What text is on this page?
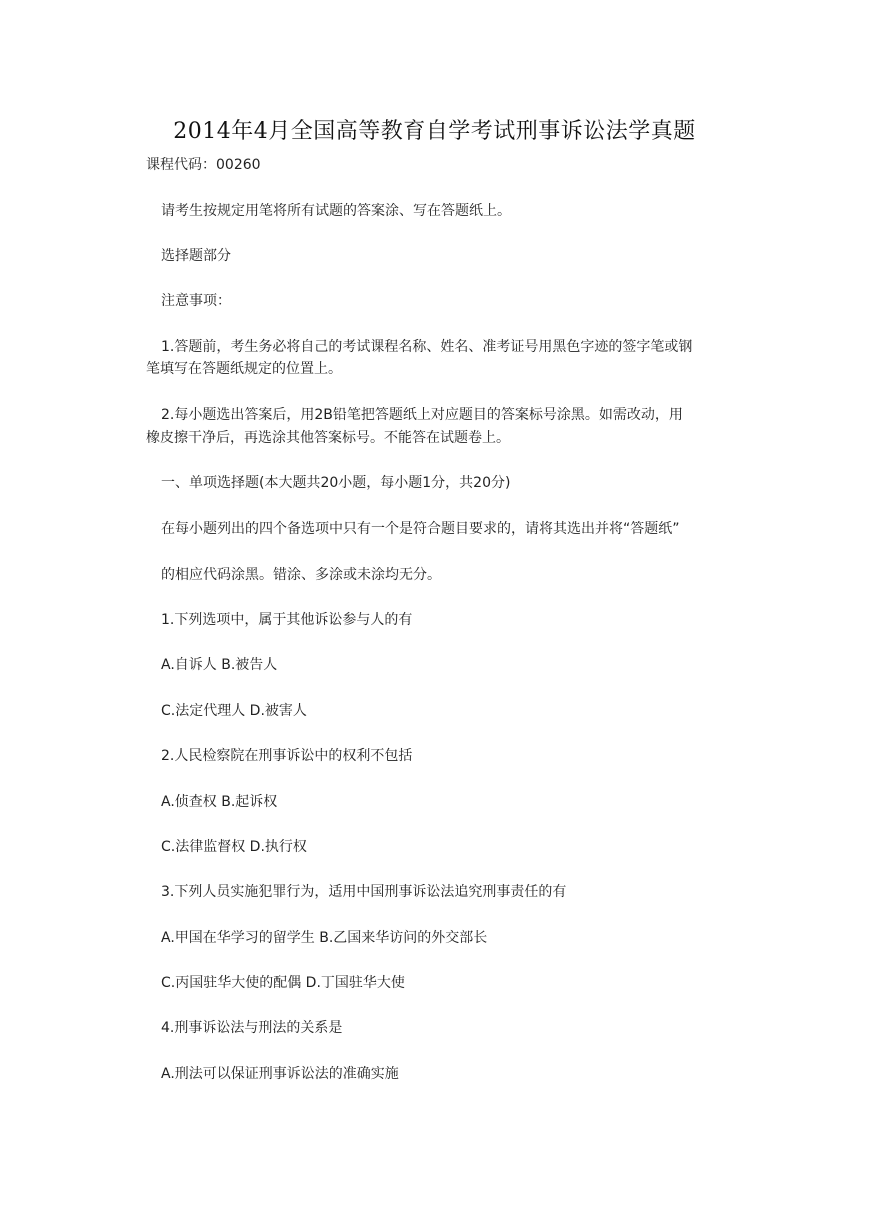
2014年4月全国高等教育自学考试刑事诉讼法学真题
课程代码：00260
请考生按规定用笔将所有试题的答案涂、写在答题纸上。
选择题部分
注意事项：
1.答题前，考生务必将自己的考试课程名称、姓名、准考证号用黑色字迹的签字笔或钢
笔填写在答题纸规定的位置上。
2.每小题选出答案后，用2B铅笔把答题纸上对应题目的答案标号涂黑。如需改动，用
橡皮擦干净后，再选涂其他答案标号。不能答在试题卷上。
一、单项选择题(本大题共20小题，每小题1分，共20分)
在每小题列出的四个备选项中只有一个是符合题目要求的，请将其选出并将“答题纸”
的相应代码涂黑。错涂、多涂或未涂均无分。
1.下列选项中，属于其他诉讼参与人的有
A.自诉人 B.被告人
C.法定代理人 D.被害人
2.人民检察院在刑事诉讼中的权利不包括
A.侦查权 B.起诉权
C.法律监督权 D.执行权
3.下列人员实施犯罪行为，适用中国刑事诉讼法追究刑事责任的有
A.甲国在华学习的留学生 B.乙国来华访问的外交部长
C.丙国驻华大使的配偶 D.丁国驻华大使
4.刑事诉讼法与刑法的关系是
A.刑法可以保证刑事诉讼法的准确实施
